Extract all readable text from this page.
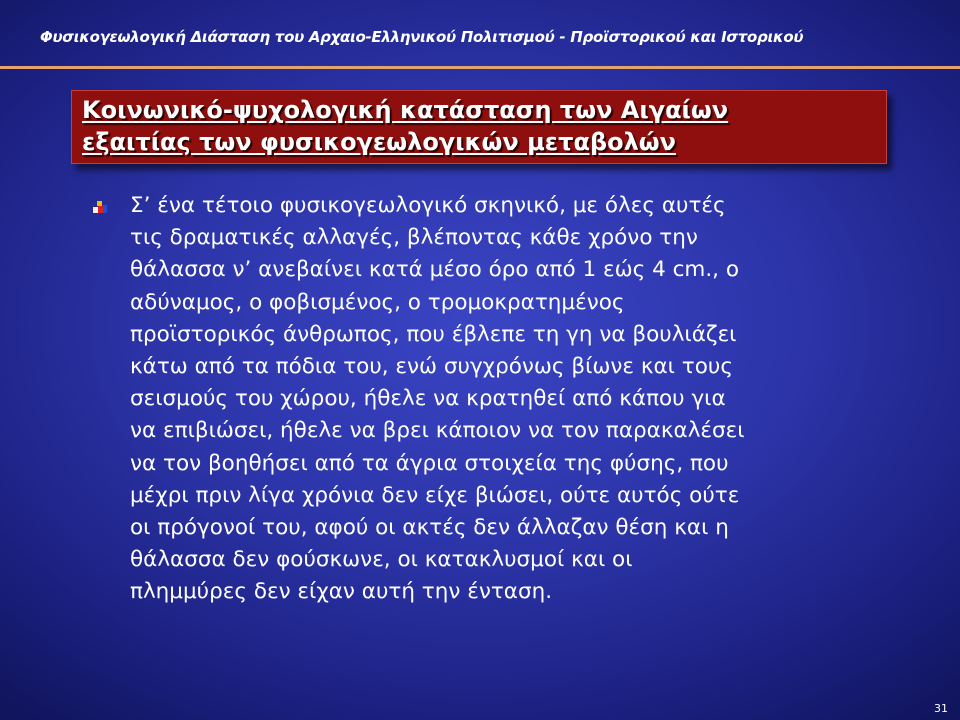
Φυσικογεωλογική Διάσταση του Αρχαιο-Ελληνικού Πολιτισμού - Προϊστορικού και Ιστορικού
Κοινωνικό-ψυχολογική κατάσταση των Αιγαίων
εξαιτίας των φυσικογεωλογικών μεταβολών
Σ’ ένα τέτοιο φυσικογεωλογικό σκηνικό, με όλες αυτές
τις δραματικές αλλαγές, βλέποντας κάθε χρόνο την
θάλασσα ν’ ανεβαίνει κατά μέσο όρο από 1 εώς 4 cm., ο
αδύναμος, ο φοβισμένος, ο τρομοκρατημένος
προϊστορικός άνθρωπος, που έβλεπε τη γη να βουλιάζει
κάτω από τα πόδια του, ενώ συγχρόνως βίωνε και τους
σεισμούς του χώρου, ήθελε να κρατηθεί από κάπου για
να επιβιώσει, ήθελε να βρει κάποιον να τον παρακαλέσει
να τον βοηθήσει από τα άγρια στοιχεία της φύσης, που
μέχρι πριν λίγα χρόνια δεν είχε βιώσει, ούτε αυτός ούτε
οι πρόγονοί του, αφού οι ακτές δεν άλλαζαν θέση και η
θάλασσα δεν φούσκωνε, οι κατακλυσμοί και οι
πλημμύρες δεν είχαν αυτή την ένταση.
31
